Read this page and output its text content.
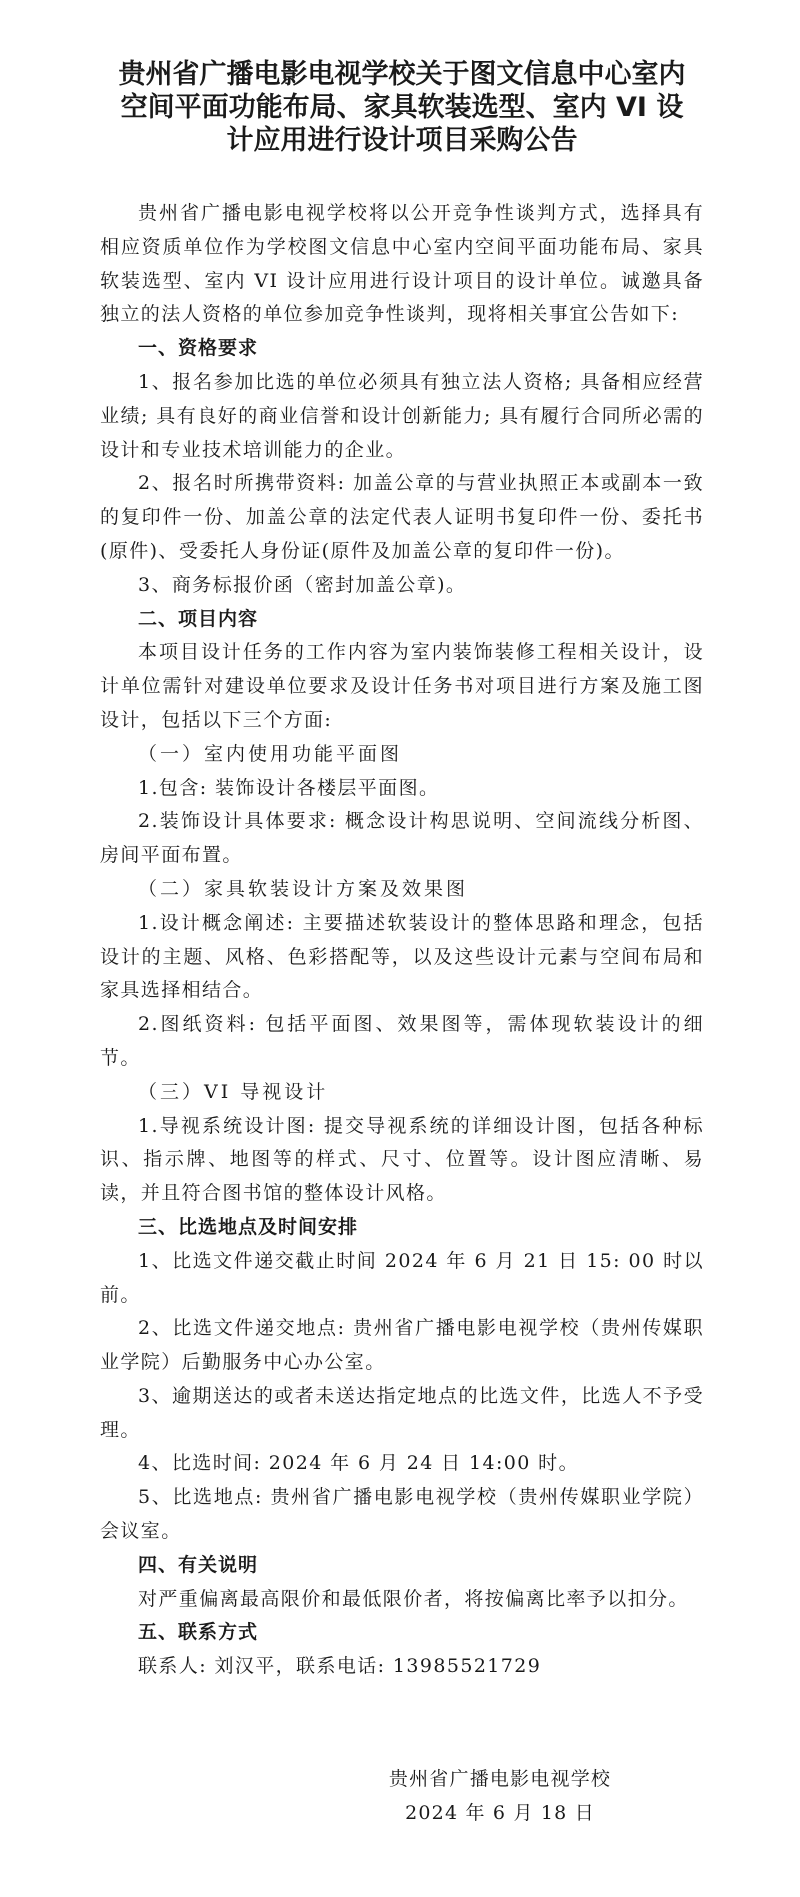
贵州省广播电影电视学校关于图文信息中心室内
空间平面功能布局、家具软装选型、室内 VI 设
计应用进行设计项目采购公告

贵州省广播电影电视学校将以公开竞争性谈判方式，选择具有相应资质单位作为学校图文信息中心室内空间平面功能布局、家具软装选型、室内 VI 设计应用进行设计项目的设计单位。诚邀具备独立的法人资格的单位参加竞争性谈判，现将相关事宜公告如下:

一、资格要求

1、报名参加比选的单位必须具有独立法人资格; 具备相应经营业绩; 具有良好的商业信誉和设计创新能力; 具有履行合同所必需的设计和专业技术培训能力的企业。

2、报名时所携带资料: 加盖公章的与营业执照正本或副本一致的复印件一份、加盖公章的法定代表人证明书复印件一份、委托书(原件)、受委托人身份证(原件及加盖公章的复印件一份)。

3、商务标报价函（密封加盖公章)。

二、项目内容

本项目设计任务的工作内容为室内装饰装修工程相关设计，设计单位需针对建设单位要求及设计任务书对项目进行方案及施工图设计，包括以下三个方面:

（一）室内使用功能平面图

1.包含: 装饰设计各楼层平面图。

2.装饰设计具体要求: 概念设计构思说明、空间流线分析图、房间平面布置。

（二）家具软装设计方案及效果图

1.设计概念阐述: 主要描述软装设计的整体思路和理念，包括设计的主题、风格、色彩搭配等，以及这些设计元素与空间布局和家具选择相结合。

2.图纸资料: 包括平面图、效果图等，需体现软装设计的细节。

（三）VI 导视设计

1.导视系统设计图: 提交导视系统的详细设计图，包括各种标识、指示牌、地图等的样式、尺寸、位置等。设计图应清晰、易读，并且符合图书馆的整体设计风格。

三、比选地点及时间安排

1、比选文件递交截止时间 2024 年 6 月 21 日 15: 00 时以前。

2、比选文件递交地点: 贵州省广播电影电视学校（贵州传媒职业学院）后勤服务中心办公室。

3、逾期送达的或者未送达指定地点的比选文件，比选人不予受理。

4、比选时间: 2024 年 6 月 24 日 14:00 时。

5、比选地点: 贵州省广播电影电视学校（贵州传媒职业学院）会议室。

四、有关说明

对严重偏离最高限价和最低限价者，将按偏离比率予以扣分。

五、联系方式

联系人: 刘汉平，联系电话: 13985521729

贵州省广播电影电视学校
2024 年 6 月 18 日
